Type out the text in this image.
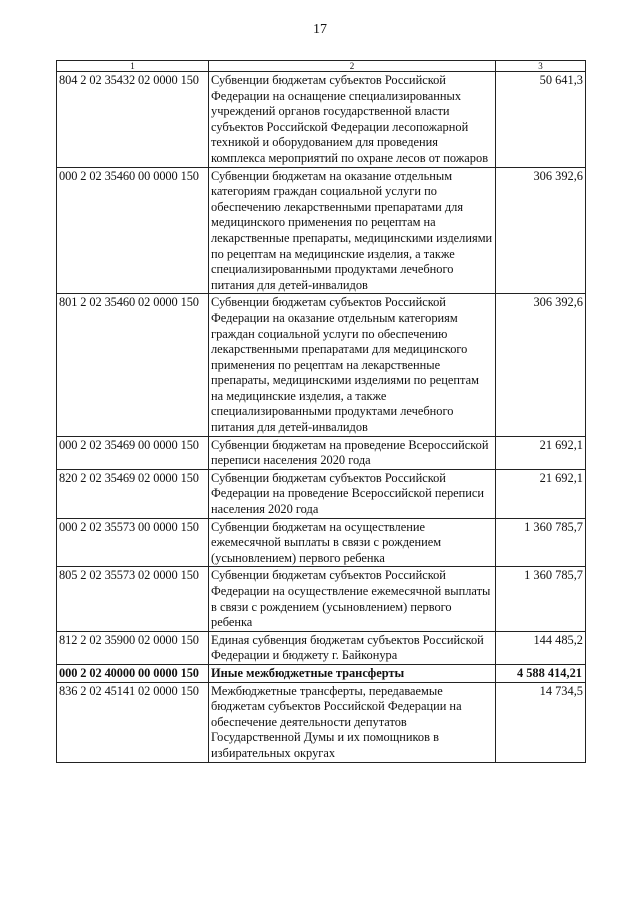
17
1	2	3
804 2 02 35432 02 0000 150	Субвенции бюджетам субъектов Российской Федерации на оснащение специализированных учреждений органов государственной власти субъектов Российской Федерации лесопожарной техникой и оборудованием для проведения комплекса мероприятий по охране лесов от пожаров	50 641,3
000 2 02 35460 00 0000 150	Субвенции бюджетам на оказание отдельным категориям граждан социальной услуги по обеспечению лекарственными препаратами для медицинского применения по рецептам на лекарственные препараты, медицинскими изделиями по рецептам на медицинские изделия, а также специализированными продуктами лечебного питания для детей-инвалидов	306 392,6
801 2 02 35460 02 0000 150	Субвенции бюджетам субъектов Российской Федерации на оказание отдельным категориям граждан социальной услуги по обеспечению лекарственными препаратами для медицинского применения по рецептам на лекарственные препараты, медицинскими изделиями по рецептам на медицинские изделия, а также специализированными продуктами лечебного питания для детей-инвалидов	306 392,6
000 2 02 35469 00 0000 150	Субвенции бюджетам на проведение Всероссийской переписи населения 2020 года	21 692,1
820 2 02 35469 02 0000 150	Субвенции бюджетам субъектов Российской Федерации на проведение Всероссийской переписи населения 2020 года	21 692,1
000 2 02 35573 00 0000 150	Субвенции бюджетам на осуществление ежемесячной выплаты в связи с рождением (усыновлением) первого ребенка	1 360 785,7
805 2 02 35573 02 0000 150	Субвенции бюджетам субъектов Российской Федерации на осуществление ежемесячной выплаты в связи с рождением (усыновлением) первого ребенка	1 360 785,7
812 2 02 35900 02 0000 150	Единая субвенция бюджетам субъектов Российской Федерации и бюджету г. Байконура	144 485,2
000 2 02 40000 00 0000 150	Иные межбюджетные трансферты	4 588 414,21
836 2 02 45141 02 0000 150	Межбюджетные трансферты, передаваемые бюджетам субъектов Российской Федерации на обеспечение деятельности депутатов Государственной Думы и их помощников в избирательных округах	14 734,5
